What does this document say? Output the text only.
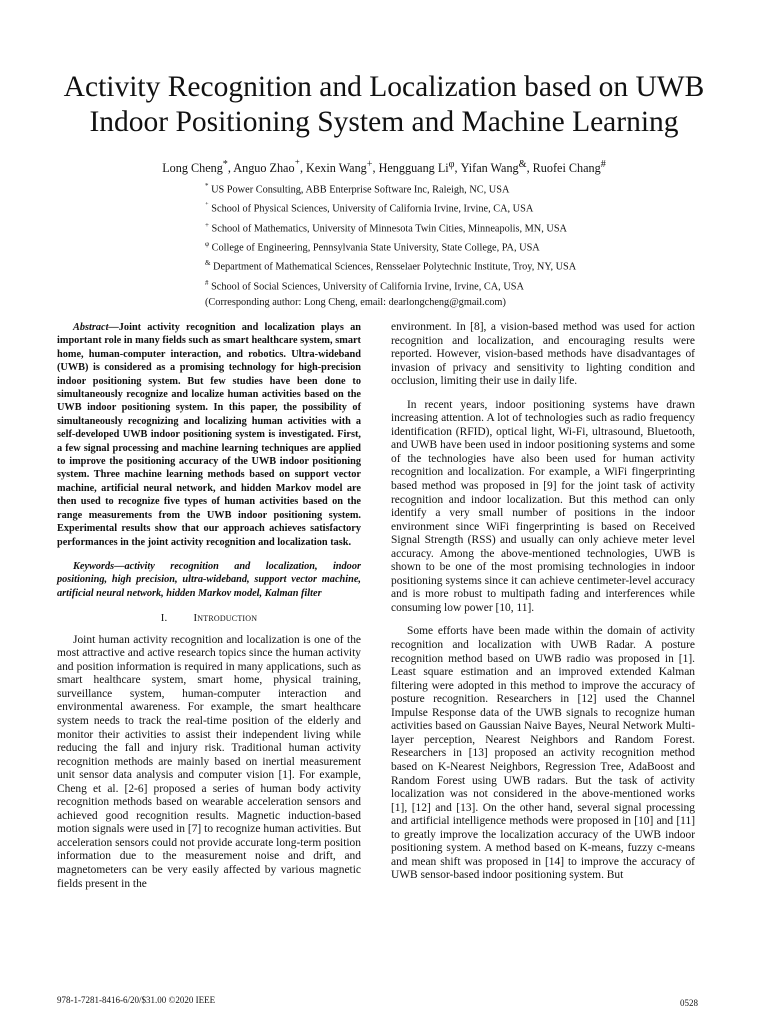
Activity Recognition and Localization based on UWB
Indoor Positioning System and Machine Learning
Long Cheng*, Anguo Zhao⁺, Kexin Wang+, Hengguang $Li^\varphi$, Yifan Wang&, Ruofei Chang#
* US Power Consulting, ABB Enterprise Software Inc, Raleigh, NC, USA
⁺ School of Physical Sciences, University of California Irvine, Irvine, CA, USA
+ School of Mathematics, University of Minnesota Twin Cities, Minneapolis, MN, USA
$^\varphi$ College of Engineering, Pennsylvania State University, State College, PA, USA
& Department of Mathematical Sciences, Rensselaer Polytechnic Institute, Troy, NY, USA
# School of Social Sciences, University of California Irvine, Irvine, CA, USA
(Corresponding author: Long Cheng, email: dearlongcheng@gmail.com)

Abstract—Joint activity recognition and localization plays an important role in many fields such as smart healthcare system, smart home, human-computer interaction, and robotics. Ultra-wideband (UWB) is considered as a promising technology for high-precision indoor positioning system. But few studies have been done to simultaneously recognize and localize human activities based on the UWB indoor positioning system. In this paper, the possibility of simultaneously recognizing and localizing human activities with a self-developed UWB indoor positioning system is investigated. First, a few signal processing and machine learning techniques are applied to improve the positioning accuracy of the UWB indoor positioning system. Three machine learning methods based on support vector machine, artificial neural network, and hidden Markov model are then used to recognize five types of human activities based on the range measurements from the UWB indoor positioning system. Experimental results show that our approach achieves satisfactory performances in the joint activity recognition and localization task.

Keywords—activity recognition and localization, indoor positioning, high precision, ultra-wideband, support vector machine, artificial neural network, hidden Markov model, Kalman filter

I. Introduction

Joint human activity recognition and localization is one of the most attractive and active research topics since the human activity and position information is required in many applications, such as smart healthcare system, smart home, physical training, surveillance system, human-computer interaction and environmental awareness. For example, the smart healthcare system needs to track the real-time position of the elderly and monitor their activities to assist their independent living while reducing the fall and injury risk. Traditional human activity recognition methods are mainly based on inertial measurement unit sensor data analysis and computer vision [1]. For example, Cheng et al. [2-6] proposed a series of human body activity recognition methods based on wearable acceleration sensors and achieved good recognition results. Magnetic induction-based motion signals were used in [7] to recognize human activities. But acceleration sensors could not provide accurate long-term position information due to the measurement noise and drift, and magnetometers can be very easily affected by various magnetic fields present in the

environment. In [8], a vision-based method was used for action recognition and localization, and encouraging results were reported. However, vision-based methods have disadvantages of invasion of privacy and sensitivity to lighting condition and occlusion, limiting their use in daily life.

In recent years, indoor positioning systems have drawn increasing attention. A lot of technologies such as radio frequency identification (RFID), optical light, Wi-Fi, ultrasound, Bluetooth, and UWB have been used in indoor positioning systems and some of the technologies have also been used for human activity recognition and localization. For example, a WiFi fingerprinting based method was proposed in [9] for the joint task of activity recognition and indoor localization. But this method can only identify a very small number of positions in the indoor environment since WiFi fingerprinting is based on Received Signal Strength (RSS) and usually can only achieve meter level accuracy. Among the above-mentioned technologies, UWB is shown to be one of the most promising technologies in indoor positioning systems since it can achieve centimeter-level accuracy and is more robust to multipath fading and interferences while consuming low power [10, 11].

Some efforts have been made within the domain of activity recognition and localization with UWB Radar. A posture recognition method based on UWB radio was proposed in [1]. Least square estimation and an improved extended Kalman filtering were adopted in this method to improve the accuracy of posture recognition. Researchers in [12] used the Channel Impulse Response data of the UWB signals to recognize human activities based on Gaussian Naive Bayes, Neural Network Multi-layer perception, Nearest Neighbors and Random Forest. Researchers in [13] proposed an activity recognition method based on K-Nearest Neighbors, Regression Tree, AdaBoost and Random Forest using UWB radars. But the task of activity localization was not considered in the above-mentioned works [1], [12] and [13]. On the other hand, several signal processing and artificial intelligence methods were proposed in [10] and [11] to greatly improve the localization accuracy of the UWB indoor positioning system. A method based on K-means, fuzzy c-means and mean shift was proposed in [14] to improve the accuracy of UWB sensor-based indoor positioning system. But

978-1-7281-8416-6/20/$31.00 ©2020 IEEE	0528
